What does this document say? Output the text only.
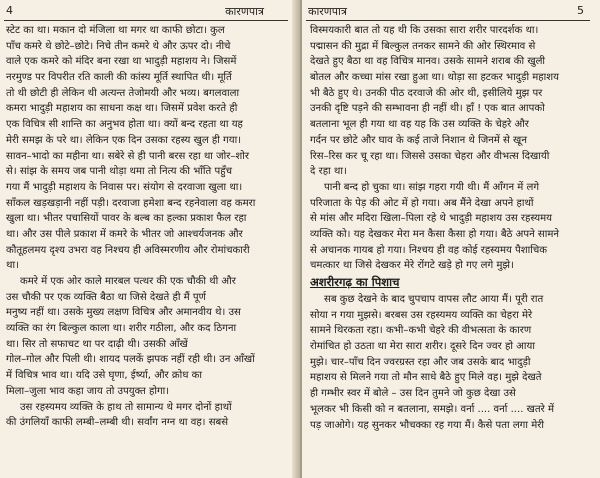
4	कारणपात्र
स्टेट का था। मकान दो मंजिला था मगर था काफी छोटा। कुल
पाँच कमरे थे छोटे–छोटे। निचे तीन कमरे थे और ऊपर दो। नीचे
वाले एक कमरे को मंदिर बना रखा था भादुड़ी महाशय ने। जिसमें
नरमुण्ड पर विपरीत रति काली की कांस्य मूर्ति स्थापित थी। मूर्ति
तो थी छोटी ही लेकिन थी अत्यन्त तेजोमयी और भव्य। बगलवाला
कमरा भादुड़ी महाशय का साधना कक्ष था। जिसमें प्रवेश करते ही
एक विचित्र सी शान्ति का अनुभव होता था। क्यों बन्द रहता था यह
मेरी समझ के परे था। लेकिन एक दिन उसका रहस्य खुल ही गया।
सावन–भादो का महीना था। सबेरे से ही पानी बरस रहा था जोर–शोर
से। सांझ के समय जब पानी थोड़ा थमा तो नित्य की भाँति पहुँच
गया मैं भादुड़ी महाशय के निवास पर। संयोग से दरवाजा खुला था।
साँकल खड़खड़ानी नहीं पड़ी। दरवाजा हमेशा बन्द रहनेवाला वह कमरा
खुला था। भीतर पचासियों पावर के बल्ब का हल्का प्रकाश फैल रहा
था। और उस पीले प्रकाश में कमरे के भीतर जो आश्चर्यजनक और
कौतूहलमय दृश्य उभरा वह निश्चय ही अविस्मरणीय और रोमांचकारी
था।
कमरे में एक ओर काले मारबल पत्थर की एक चौकी थी और
उस चौकी पर एक व्यक्ति बैठा था जिसे देखते ही मैं पूर्ण
मनुष्य नहीं था। उसके मुख्य लक्षण विचित्र और अमानवीय थे। उस
व्यक्ति का रंग बिल्कुल काला था। शरीर गठीला, और कद ठिगना
था। सिर तो सफाचट था पर दाढ़ी थी। उसकी आँखें
गोल–गोल और पिली थी। शायद पलकें झपक नहीं रही थी। उन आँखों
में विचित्र भाव था। यदि उसे घृणा, ईर्ष्या, और क्रोध का
मिला–जुला भाव कहा जाय तो उपयुक्त होगा।
उस रहस्यमय व्यक्ति के हाथ तो सामान्य थे मगर दोनों हाथों
की उंगलियाँ काफी लम्बी–लम्बी थी। सर्वांग नग्न था वह। सबसे
कारणपात्र	5
विस्मयकारी बात तो यह थी कि उसका सारा शरीर पारदर्शक था।
पद्मासन की मुद्रा में बिल्कुल तनकर सामने की ओर स्थिरमाव से
देखते हुए बैठा था वह विचित्र मानव। उसके सामने शराब की खुली
बोतल और कच्चा मांस रखा हुआ था। थोड़ा सा हटकर भादुड़ी महाशय
भी बैठे हुए थे। उनकी पीठ दरवाजे की ओर थी, इसीलिये मुझ पर
उनकी दृष्टि पड़ने की सम्भावना ही नहीं थी। हाँ ! एक बात आपको
बतलाना भूल ही गया था वह यह कि उस व्यक्ति के चेहरे और
गर्दन पर छोटे और घाव के कई ताजे निशान थे जिनमें से खून
रिस–रिस कर चू रहा था। जिससे उसका चेहरा और वीभत्स दिखायी
दे रहा था।
पानी बन्द हो चुका था। सांझ गहरा गयी थी। मैं आँगन में लगे
परिजाता के पेड़ की ओट में हो गया। अब मैंने देखा अपने हाथों
से मांस और मदिरा खिला–पिला रहे थे भादुड़ी महाशय उस रहस्यमय
व्यक्ति को। यह देखकर मेरा मन कैसा कैसा हो गया। बैठे अपने सामने
से अचानक गायब हो गया। निश्चय ही वह कोई रहस्यमय पैशाचिक
चमत्कार था जिसे देखकर मेरे रोंगटे खड़े हो गए लगे मुझे।
अशरीरगढ़ का पिशाच
सब कुछ देखने के बाद चुपचाप वापस लौट आया मैं। पूरी रात
सोया न गया मुझसे। बरबस उस रहस्यमय व्यक्ति का चेहरा मेरे
सामने थिरकता रहा। कभी–कभी चेहरे की वीभत्सता के कारण
रोमांचित हो उठता था मेरा सारा शरीर। दूसरे दिन ज्वर हो आया
मुझे। चार–पाँच दिन ज्वरग्रस्त रहा और जब उसके बाद भादुड़ी
महाशय से मिलने गया तो मौन साधे बैठे हुए मिले वह। मुझे देखते
ही गम्भीर स्वर में बोले – उस दिन तुमने जो कुछ देखा उसे
भूलकर भी किसी को न बतलाना, समझे। वर्ना .... वर्ना .... खतरे में
पड़ जाओगे। यह सुनकर भौचक्का रह गया मैं। कैसे पता लगा मेरी
